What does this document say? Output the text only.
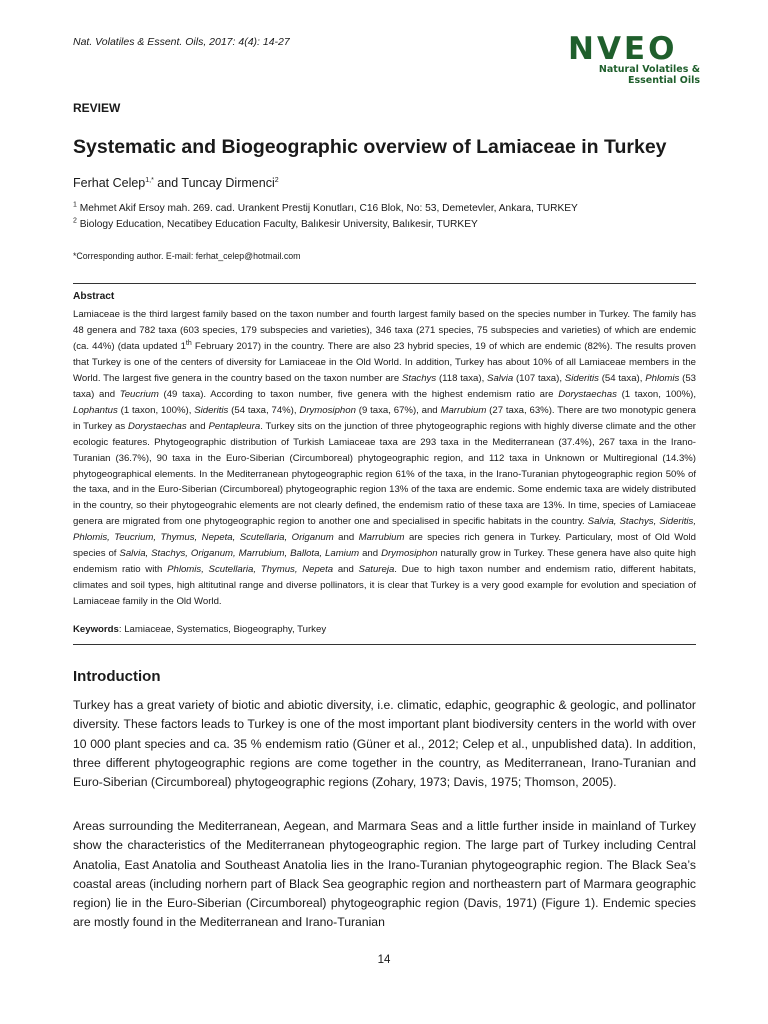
Nat. Volatiles & Essent. Oils, 2017: 4(4): 14-27	NVEO
Natural Volatiles &
Essential Oils
REVIEW
Systematic and Biogeographic overview of Lamiaceae in Turkey
Ferhat Celep$^{1,*}$ and Tuncay Dirmenci$^2$
$^1$ Mehmet Akif Ersoy mah. 269. cad. Urankent Prestij Konutları, C16 Blok, No: 53, Demetevler, Ankara, TURKEY
$^2$ Biology Education, Necatibey Education Faculty, Balıkesir University, Balıkesir, TURKEY
*Corresponding author. E-mail: ferhat_celep@hotmail.com
Abstract
Lamiaceae is the third largest family based on the taxon number and fourth largest family based on the species number in Turkey. The family has 48 genera and 782 taxa (603 species, 179 subspecies and varieties), 346 taxa (271 species, 75 subspecies and varieties) of which are endemic (ca. 44%) (data updated 1th February 2017) in the country. There are also 23 hybrid species, 19 of which are endemic (82%). The results proven that Turkey is one of the centers of diversity for Lamiaceae in the Old World. In addition, Turkey has about 10% of all Lamiaceae members in the World. The largest five genera in the country based on the taxon number are Stachys (118 taxa), Salvia (107 taxa), Sideritis (54 taxa), Phlomis (53 taxa) and Teucrium (49 taxa). According to taxon number, five genera with the highest endemism ratio are Dorystaechas (1 taxon, 100%), Lophantus (1 taxon, 100%), Sideritis (54 taxa, 74%), Drymosiphon (9 taxa, 67%), and Marrubium (27 taxa, 63%). There are two monotypic genera in Turkey as Dorystaechas and Pentapleura. Turkey sits on the junction of three phytogeographic regions with highly diverse climate and the other ecologic features. Phytogeographic distribution of Turkish Lamiaceae taxa are 293 taxa in the Mediterranean (37.4%), 267 taxa in the Irano-Turanian (36.7%), 90 taxa in the Euro-Siberian (Circumboreal) phytogeographic region, and 112 taxa in Unknown or Multiregional (14.3%) phytogeographical elements. In the Mediterranean phytogeographic region 61% of the taxa, in the Irano-Turanian phytogeographic region 50% of the taxa, and in the Euro-Siberian (Circumboreal) phytogeographic region 13% of the taxa are endemic. Some endemic taxa are widely distributed in the country, so their phytogeograhic elements are not clearly defined, the endemism ratio of these taxa are 13%. In time, species of Lamiaceae genera are migrated from one phytogeographic region to another one and specialised in specific habitats in the country. Salvia, Stachys, Sideritis, Phlomis, Teucrium, Thymus, Nepeta, Scutellaria, Origanum and Marrubium are species rich genera in Turkey. Particulary, most of Old Wold species of Salvia, Stachys, Origanum, Marrubium, Ballota, Lamium and Drymosiphon naturally grow in Turkey. These genera have also quite high endemism ratio with Phlomis, Scutellaria, Thymus, Nepeta and Satureja. Due to high taxon number and endemism ratio, different habitats, climates and soil types, high altitutinal range and diverse pollinators, it is clear that Turkey is a very good example for evolution and speciation of Lamiaceae family in the Old World.
Keywords: Lamiaceae, Systematics, Biogeography, Turkey
Introduction
Turkey has a great variety of biotic and abiotic diversity, i.e. climatic, edaphic, geographic & geologic, and pollinator diversity. These factors leads to Turkey is one of the most important plant biodiversity centers in the world with over 10 000 plant species and ca. 35 % endemism ratio (Güner et al., 2012; Celep et al., unpublished data). In addition, three different phytogeographic regions are come together in the country, as Mediterranean, Irano-Turanian and Euro-Siberian (Circumboreal) phytogeographic regions (Zohary, 1973; Davis, 1975; Thomson, 2005).
Areas surrounding the Mediterranean, Aegean, and Marmara Seas and a little further inside in mainland of Turkey show the characteristics of the Mediterranean phytogeographic region. The large part of Turkey including Central Anatolia, East Anatolia and Southeast Anatolia lies in the Irano-Turanian phytogeographic region. The Black Sea’s coastal areas (including norhern part of Black Sea geographic region and northeastern part of Marmara geographic region) lie in the Euro-Siberian (Circumboreal) phytogeographic region (Davis, 1971) (Figure 1). Endemic species are mostly found in the Mediterranean and Irano-Turanian
14
